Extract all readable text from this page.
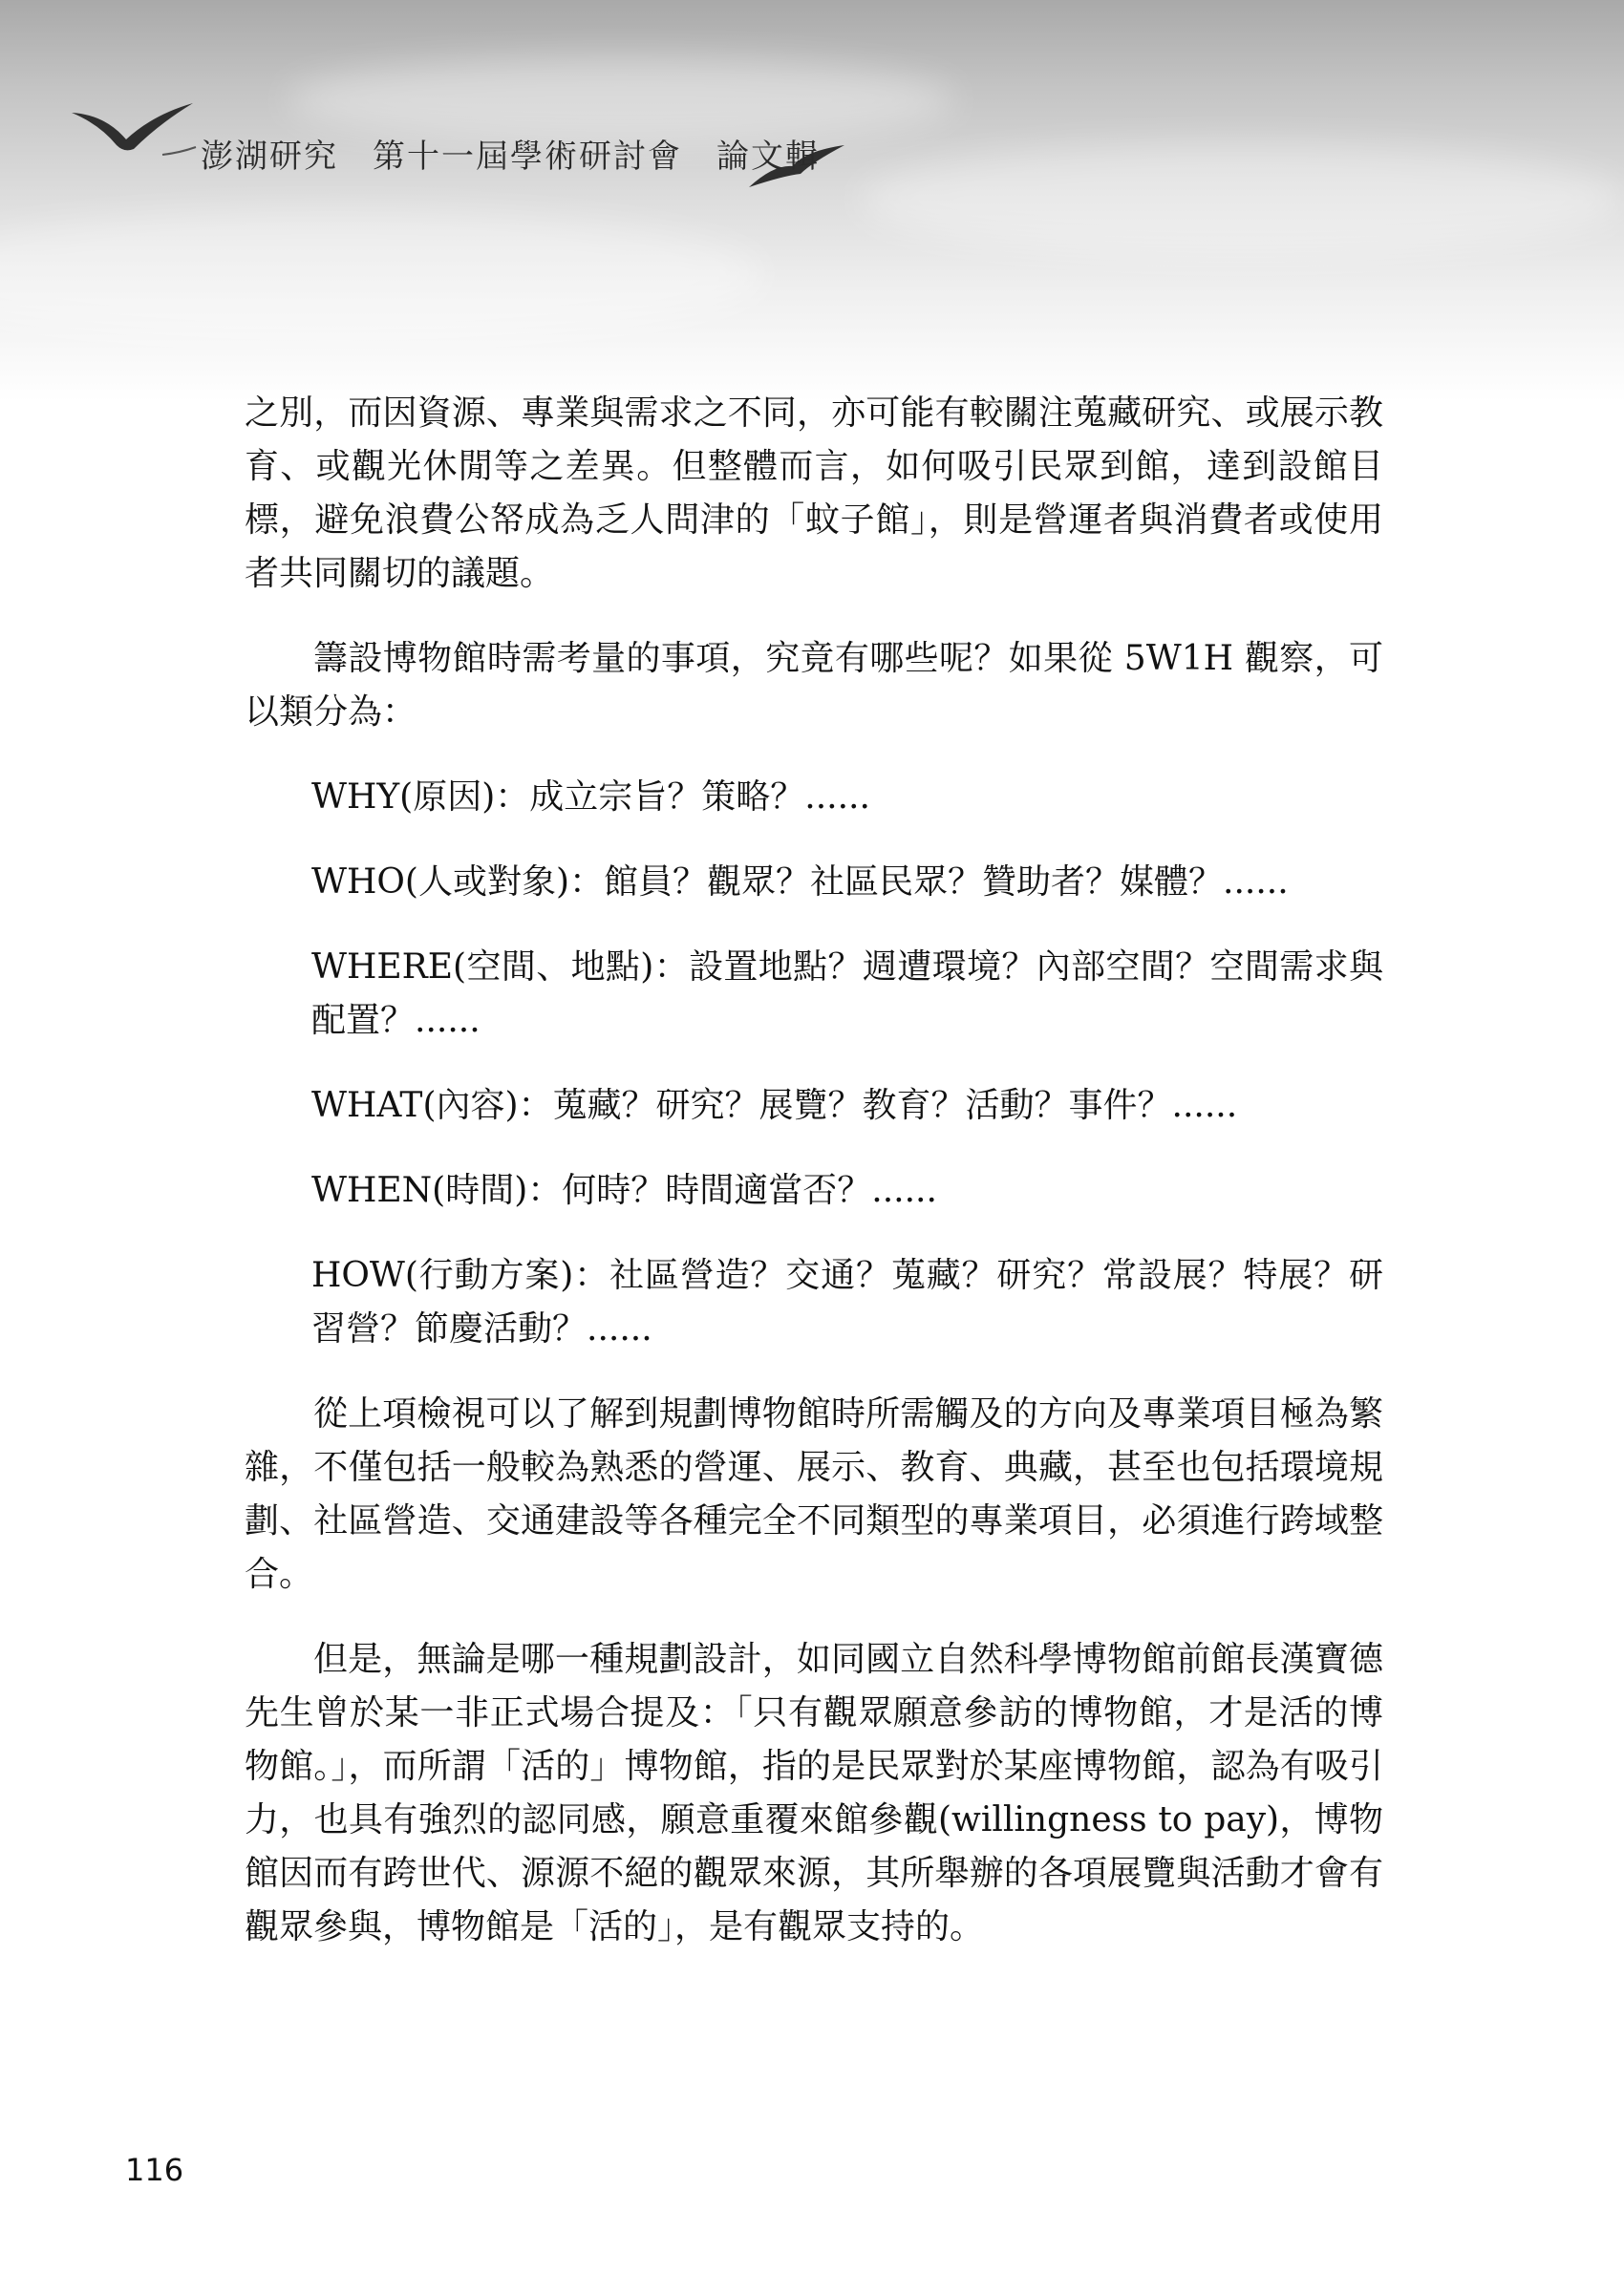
澎湖研究　第十一屆學術研討會　論文輯

之別，而因資源、專業與需求之不同，亦可能有較關注蒐藏研究、或展示教育、或觀光休閒等之差異。但整體而言，如何吸引民眾到館，達到設館目標，避免浪費公帑成為乏人問津的「蚊子館」，則是營運者與消費者或使用者共同關切的議題。

籌設博物館時需考量的事項，究竟有哪些呢？如果從 5W1H 觀察，可以類分為：

WHY(原因)：成立宗旨？策略？......

WHO(人或對象)：館員？觀眾？社區民眾？贊助者？媒體？......

WHERE(空間、地點)：設置地點？週遭環境？內部空間？空間需求與配置？......

WHAT(內容)：蒐藏？研究？展覽？教育？活動？事件？......

WHEN(時間)：何時？時間適當否？......

HOW(行動方案)：社區營造？交通？蒐藏？研究？常設展？特展？研習營？節慶活動？......

從上項檢視可以了解到規劃博物館時所需觸及的方向及專業項目極為繁雜，不僅包括一般較為熟悉的營運、展示、教育、典藏，甚至也包括環境規劃、社區營造、交通建設等各種完全不同類型的專業項目，必須進行跨域整合。

但是，無論是哪一種規劃設計，如同國立自然科學博物館前館長漢寶德先生曾於某一非正式場合提及：「只有觀眾願意參訪的博物館，才是活的博物館。」，而所謂「活的」博物館，指的是民眾對於某座博物館，認為有吸引力，也具有強烈的認同感，願意重覆來館參觀(willingness to pay)，博物館因而有跨世代、源源不絕的觀眾來源，其所舉辦的各項展覽與活動才會有觀眾參與，博物館是「活的」，是有觀眾支持的。

116
